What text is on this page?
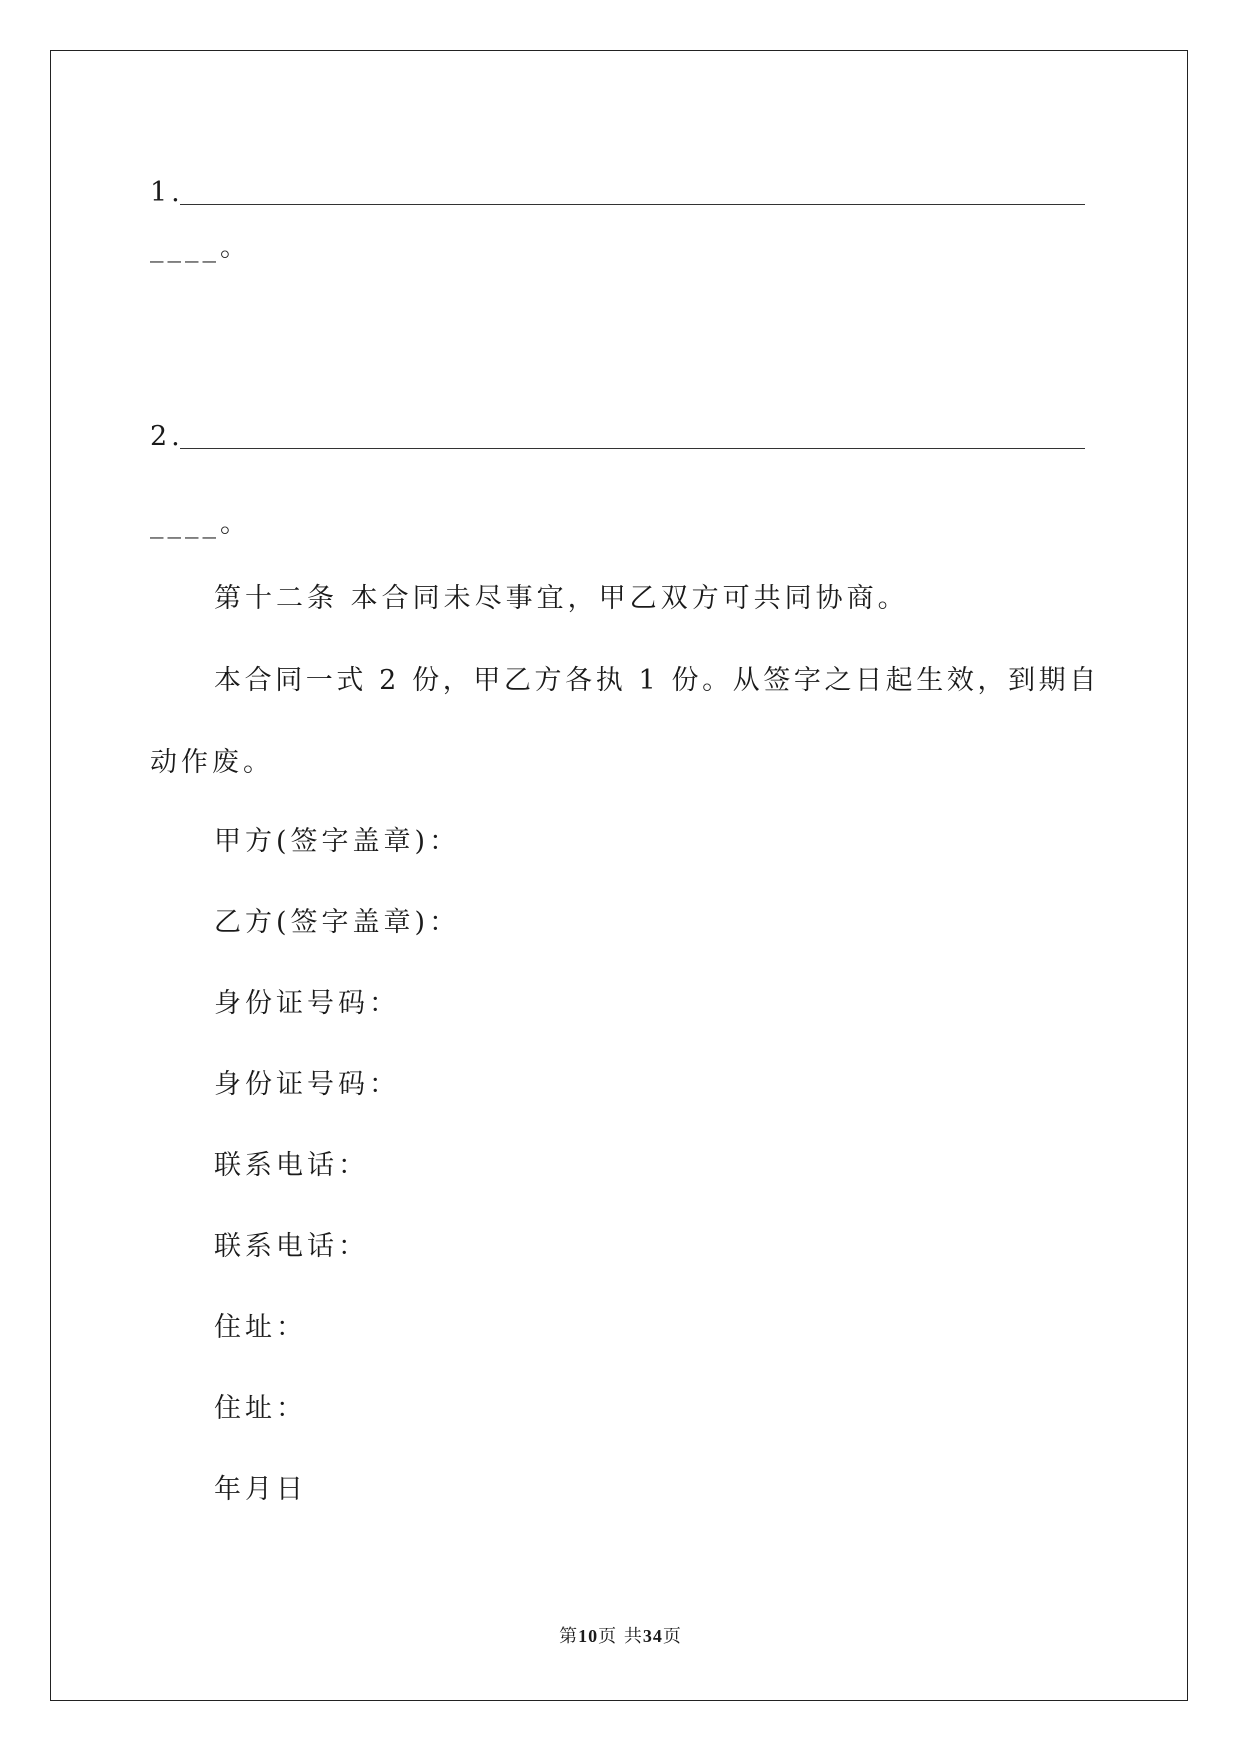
1.
____。
2.
____。
第十二条 本合同未尽事宜，甲乙双方可共同协商。
本合同一式 2 份，甲乙方各执 1 份。从签字之日起生效，到期自
动作废。
甲方(签字盖章)：
乙方(签字盖章)：
身份证号码：
身份证号码：
联系电话：
联系电话：
住址：
住址：
年月日
第10页 共34页
